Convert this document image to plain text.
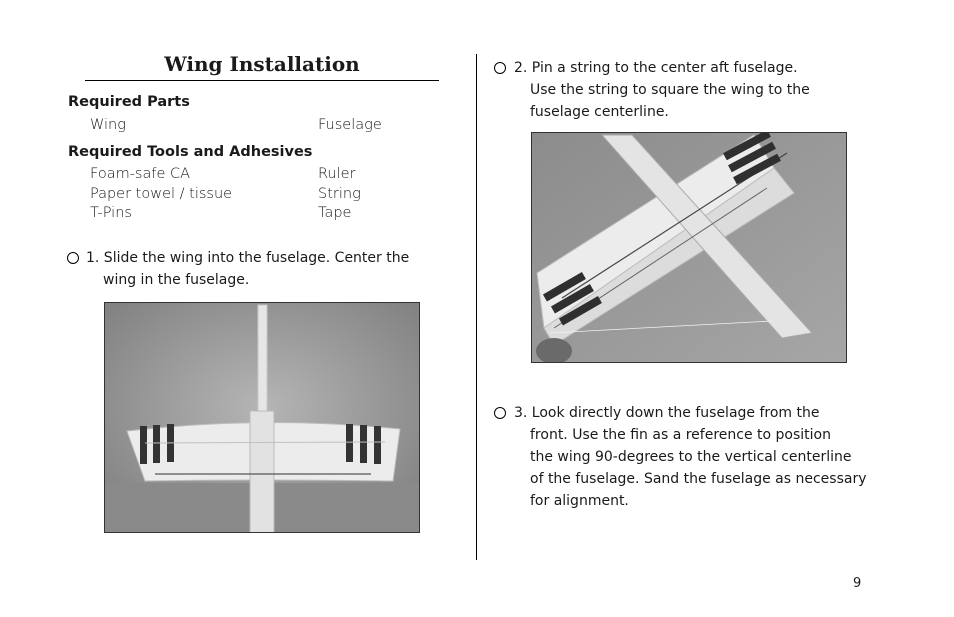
Wing Installation
Required Parts
Wing	Fuselage
Required Tools and Adhesives
Foam-safe CA	Ruler
Paper towel / tissue	String
T-Pins	Tape
1. Slide the wing into the fuselage. Center the
wing in the fuselage.
2. Pin a string to the center aft fuselage.
Use the string to square the wing to the
fuselage centerline.
3. Look directly down the fuselage from the
front. Use the fin as a reference to position
the wing 90-degrees to the vertical centerline
of the fuselage. Sand the fuselage as necessary
for alignment.
9
